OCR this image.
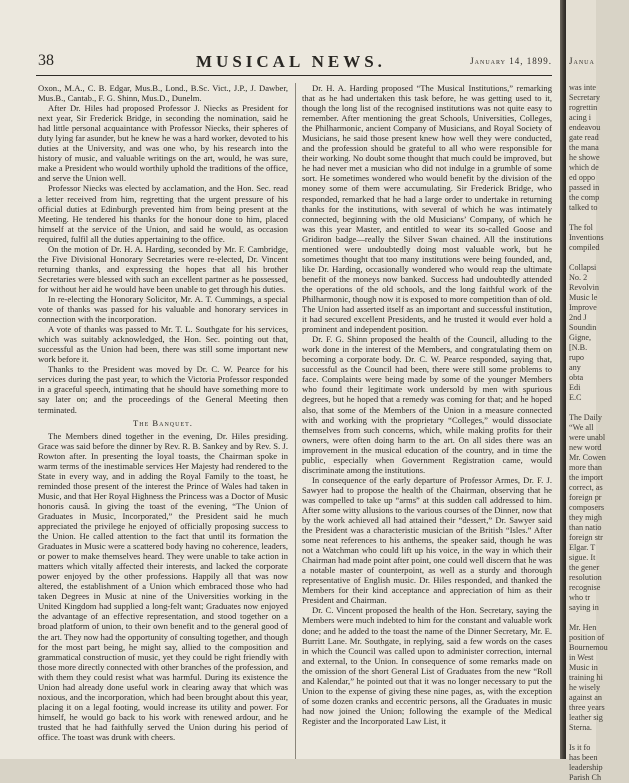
38	MUSICAL NEWS.	January 14, 1899.

Oxon., M.A., C. B. Edgar, Mus.B., Lond., B.Sc. Vict., J.P., J. Dawber, Mus.B., Cantab., F. G. Shinn, Mus.D., Dunelm.

After Dr. Hiles had proposed Professor J. Niecks as President for next year, Sir Frederick Bridge, in seconding the nomination, said he had little personal acquaintance with Professor Niecks, their spheres of duty lying far asunder, but he knew he was a hard worker, devoted to his duties at the University, and was one who, by his research into the history of music, and valuable writings on the art, would, he was sure, make a President who would worthily uphold the traditions of the office, and serve the Union well.

Professor Niecks was elected by acclamation, and the Hon. Sec. read a letter received from him, regretting that the urgent pressure of his official duties at Edinburgh prevented him from being present at the Meeting. He tendered his thanks for the honour done to him, placed himself at the service of the Union, and said he would, as occasion required, fulfil all the duties appertaining to the office.

On the motion of Dr. H. A. Harding, seconded by Mr. F. Cambridge, the Five Divisional Honorary Secretaries were re-elected, Dr. Vincent returning thanks, and expressing the hopes that all his brother Secretaries were blessed with such an excellent partner as he possessed, for without her aid he would have been unable to get through his duties.

In re-electing the Honorary Solicitor, Mr. A. T. Cummings, a special vote of thanks was passed for his valuable and honorary services in connection with the incorporation.

A vote of thanks was passed to Mr. T. L. Southgate for his services, which was suitably acknowledged, the Hon. Sec. pointing out that, successful as the Union had been, there was still some important new work before it.

Thanks to the President was moved by Dr. C. W. Pearce for his services during the past year, to which the Victoria Professor responded in a graceful speech, intimating that he should have something more to say later on; and the proceedings of the General Meeting then terminated.

The Banquet.

The Members dined together in the evening, Dr. Hiles presiding. Grace was said before the dinner by Rev. R. B. Sankey and by Rev. S. J. Rowton after. In presenting the loyal toasts, the Chairman spoke in warm terms of the inestimable services Her Majesty had rendered to the State in every way, and in adding the Royal Family to the toast, he reminded those present of the interest the Prince of Wales had taken in Music, and that Her Royal Highness the Princess was a Doctor of Music honoris causâ. In giving the toast of the evening, “The Union of Graduates in Music, Incorporated,” the President said he much appreciated the privilege he enjoyed of officially proposing success to the Union. He called attention to the fact that until its formation the Graduates in Music were a scattered body having no coherence, leaders, or power to make themselves heard. They were unable to take action in matters which vitally affected their interests, and lacked the corporate power enjoyed by the other professions. Happily all that was now altered, the establishment of a Union which embraced those who had taken Degrees in Music at nine of the Universities working in the United Kingdom had supplied a long-felt want; Graduates now enjoyed the advantage of an effective representation, and stood together on a broad platform of union, to their own benefit and to the general good of the art. They now had the opportunity of consulting together, and though for the most part being, he might say, allied to the composition and grammatical construction of music, yet they could be right friendly with those more directly connected with other branches of the profession, and with them they could resist what was harmful. During its existence the Union had already done useful work in clearing away that which was noxious, and the incorporation, which had been brought about this year, placing it on a legal footing, would increase its utility and power. For himself, he would go back to his work with renewed ardour, and he trusted that he had faithfully served the Union during his period of office. The toast was drunk with cheers.

Dr. H. A. Harding proposed “The Musical Institutions,” remarking that as he had undertaken this task before, he was getting used to it, though the long list of the recognised institutions was not quite easy to remember. After mentioning the great Schools, Universities, Colleges, the Philharmonic, ancient Company of Musicians, and Royal Society of Musicians, he said those present knew how well they were conducted, and the profession should be grateful to all who were responsible for their working. No doubt some thought that much could be improved, but he had never met a musician who did not indulge in a grumble of some sort. He sometimes wondered who would benefit by the division of the money some of them were accumulating. Sir Frederick Bridge, who responded, remarked that he had a large order to undertake in returning thanks for the institutions, with several of which he was intimately connected, beginning with the old Musicians’ Company, of which he was this year Master, and entitled to wear its so-called Goose and Gridiron badge—really the Silver Swan chained. All the institutions mentioned were undoubtedly doing most valuable work, but he sometimes thought that too many institutions were being founded, and, like Dr. Harding, occasionally wondered who would reap the ultimate benefit of the moneys now banked. Success had undoubtedly attended the operations of the old schools, and the long faithful work of the Philharmonic, though now it is exposed to more competition than of old. The Union had asserted itself as an important and successful institution, it had secured excellent Presidents, and he trusted it would ever hold a prominent and independent position.

Dr. F. G. Shinn proposed the health of the Council, alluding to the work done in the interest of the Members, and congratulating them on becoming a corporate body. Dr. C. W. Pearce responded, saying that, successful as the Council had been, there were still some problems to face. Complaints were being made by some of the younger Members who found their legitimate work undersold by men with spurious degrees, but he hoped that a remedy was coming for that; and he hoped also, that some of the Members of the Union in a measure connected with and working with the proprietary “Colleges,” would dissociate themselves from such concerns, which, while making profits for their owners, were often doing harm to the art. On all sides there was an improvement in the musical education of the country, and in time the public, especially when Government Registration came, would discriminate among the institutions.

In consequence of the early departure of Professor Armes, Dr. F. J. Sawyer had to propose the health of the Chairman, observing that he was compelled to take up “arms” at this sudden call addressed to him. After some witty allusions to the various courses of the Dinner, now that by the work achieved all had attained their “dessert,” Dr. Sawyer said the President was a characteristic musician of the British “Isles.” After some neat references to his anthems, the speaker said, though he was not a Watchman who could lift up his voice, in the way in which their Chairman had made point after point, one could well discern that he was a notable master of counterpoint, as well as a sturdy and thorough representative of English music. Dr. Hiles responded, and thanked the Members for their kind acceptance and appreciation of him as their President and Chairman.

Dr. C. Vincent proposed the health of the Hon. Secretary, saying the Members were much indebted to him for the constant and valuable work done; and he added to the toast the name of the Dinner Secretary, Mr. E. Burritt Lane. Mr. Southgate, in replying, said a few words on the cases in which the Council was called upon to administer correction, internal and external, to the Union. In consequence of some remarks made on the omission of the short General List of Graduates from the new “Roll and Kalendar,” he pointed out that it was no longer necessary to put the Union to the expense of giving these nine pages, as, with the exception of some dozen cranks and eccentric persons, all the Graduates in music had now joined the Union; following the example of the Medical Register and the Incorporated Law List, it

Janua
was inte
Secretary
rogrettin
acing i
endeavou
gate read
the mana
he showe
which de
ed oppo
passed in
the comp
talked to
The fol
Inventions
compiled
Collapsi
No. 2
Revolvin
Music le
Improve
2nd J
Soundin
Gigne,
[N.B.
rupo
any
obta
Edi
E.C
The Daily
“We all
were unabl
new word
Mr. Cowen
more than
the import
correct, as
foreign pr
composers
they migh
than natio
foreign str
Elgar. T
sigue. It
the gener
resolution
recognise
who tr
saying in
Mr. Hen
position of
Bournemou
in West
Music in
training hi
he wisely
against an
three years
leather sig
Sterna.
Is it fo
has been
leadership
Parish Ch
